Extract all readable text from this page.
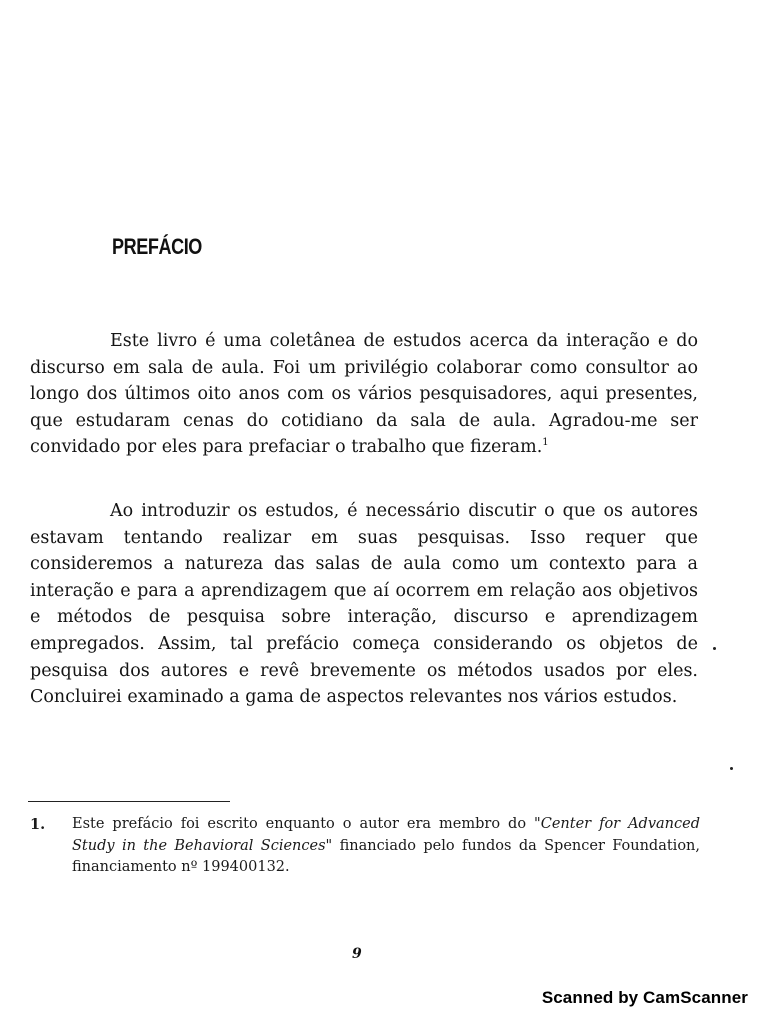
PREFÁCIO

Este livro é uma coletânea de estudos acerca da interação e do discurso em sala de aula. Foi um privilégio colaborar como consultor ao longo dos últimos oito anos com os vários pesquisadores, aqui presentes, que estudaram cenas do cotidiano da sala de aula. Agradou-me ser convidado por eles para prefaciar o trabalho que fizeram.$^1$

Ao introduzir os estudos, é necessário discutir o que os autores estavam tentando realizar em suas pesquisas. Isso requer que consideremos a natureza das salas de aula como um contexto para a interação e para a aprendizagem que aí ocorrem em relação aos objetivos e métodos de pesquisa sobre interação, discurso e aprendizagem empregados. Assim, tal prefácio começa considerando os objetos de pesquisa dos autores e revê brevemente os métodos usados por eles. Concluirei examinado a gama de aspectos relevantes nos vários estudos.

1. Este prefácio foi escrito enquanto o autor era membro do "Center for Advanced Study in the Behavioral Sciences" financiado pelo fundos da Spencer Foundation, financiamento nº 199400132.
9
Scanned by CamScanner
